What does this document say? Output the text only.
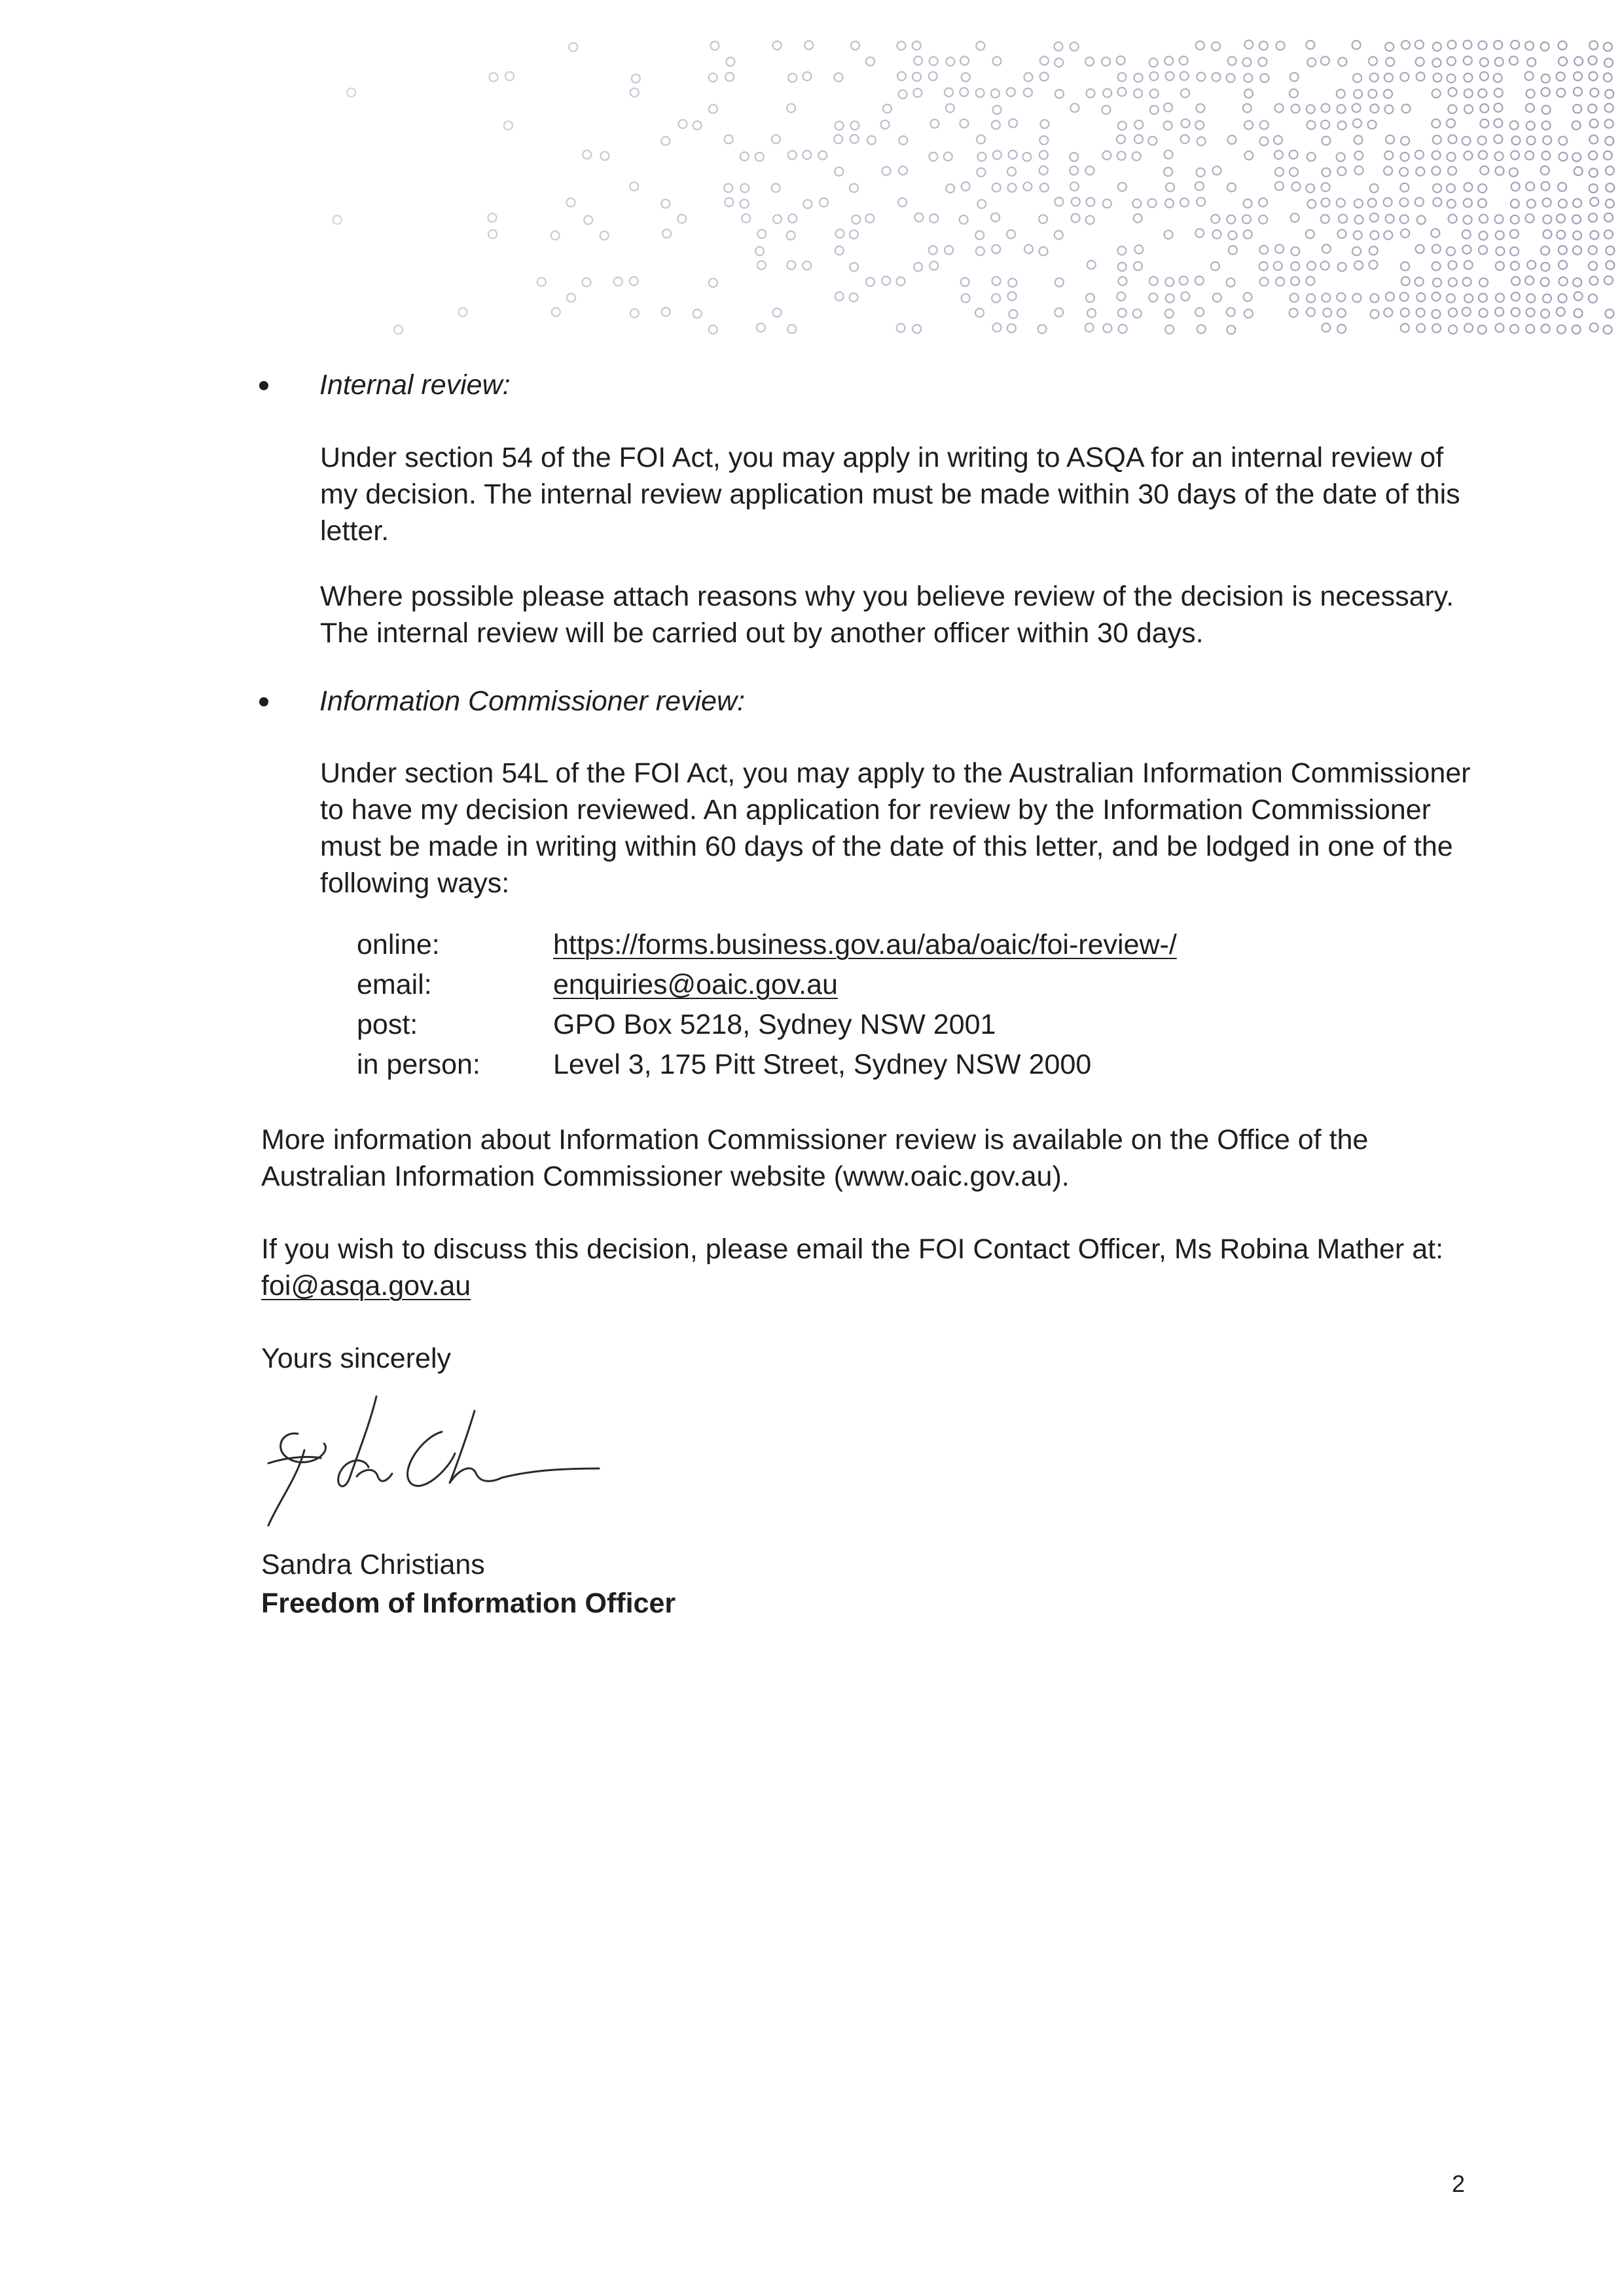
Internal review:

Under section 54 of the FOI Act, you may apply in writing to ASQA for an internal review of my decision. The internal review application must be made within 30 days of the date of this letter.

Where possible please attach reasons why you believe review of the decision is necessary. The internal review will be carried out by another officer within 30 days.

Information Commissioner review:

Under section 54L of the FOI Act, you may apply to the Australian Information Commissioner to have my decision reviewed. An application for review by the Information Commissioner must be made in writing within 60 days of the date of this letter, and be lodged in one of the following ways:

online:	https://forms.business.gov.au/aba/oaic/foi-review-/
email:	enquiries@oaic.gov.au
post:	GPO Box 5218, Sydney NSW 2001
in person:	Level 3, 175 Pitt Street, Sydney NSW 2000

More information about Information Commissioner review is available on the Office of the Australian Information Commissioner website (www.oaic.gov.au).

If you wish to discuss this decision, please email the FOI Contact Officer, Ms Robina Mather at: foi@asqa.gov.au

Yours sincerely

Sandra Christians
Freedom of Information Officer
2
